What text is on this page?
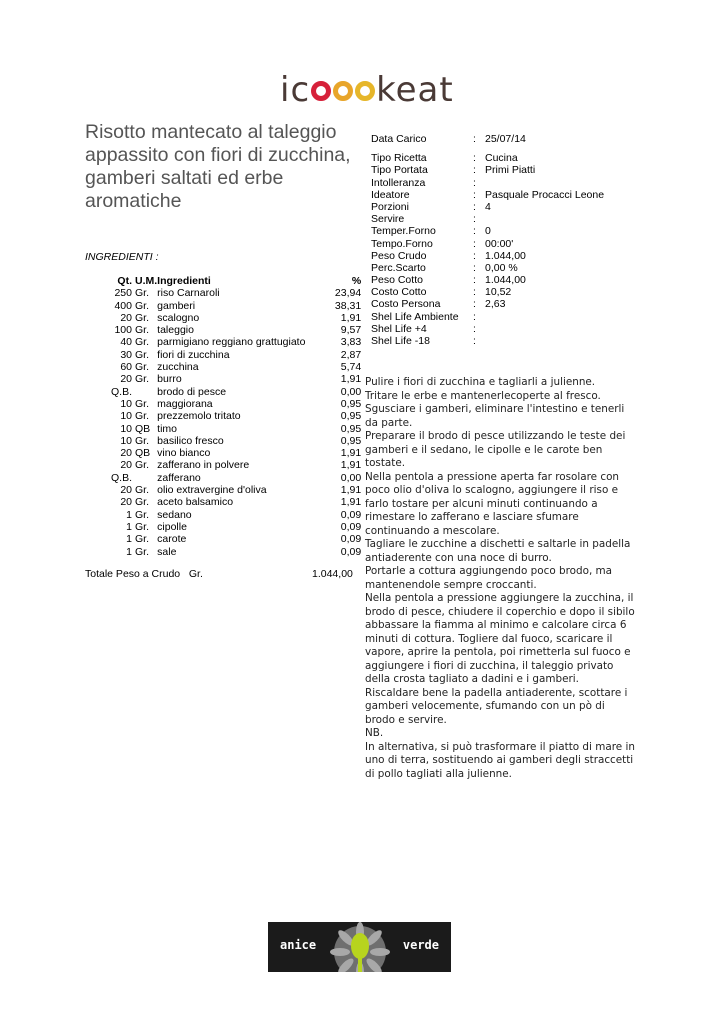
ic keat
Risotto mantecato al taleggio appassito con fiori di zucchina, gamberi saltati ed erbe aromatiche
INGREDIENTI :
Qt.	U.M.	Ingredienti	%
250	Gr.	riso Carnaroli	23,94
400	Gr.	gamberi	38,31
20	Gr.	scalogno	1,91
100	Gr.	taleggio	9,57
40	Gr.	parmigiano reggiano grattugiato	3,83
30	Gr.	fiori di zucchina	2,87
60	Gr.	zucchina	5,74
20	Gr.	burro	1,91
Q.B.		brodo di pesce	0,00
10	Gr.	maggiorana	0,95
10	Gr.	prezzemolo tritato	0,95
10	QB	timo	0,95
10	Gr.	basilico fresco	0,95
20	QB	vino bianco	1,91
20	Gr.	zafferano in polvere	1,91
Q.B.		zafferano	0,00
20	Gr.	olio extravergine d'oliva	1,91
20	Gr.	aceto balsamico	1,91
1	Gr.	sedano	0,09
1	Gr.	cipolle	0,09
1	Gr.	carote	0,09
1	Gr.	sale	0,09
Totale Peso a Crudo   Gr.	1.044,00
Data Carico	: 25/07/14
Tipo Ricetta	: Cucina
Tipo Portata	: Primi Piatti
Intolleranza	:
Ideatore	: Pasquale Procacci Leone
Porzioni	: 4
Servire	:
Temper.Forno	: 0
Tempo.Forno	: 00:00'
Peso Crudo	: 1.044,00
Perc.Scarto	: 0,00 %
Peso Cotto	: 1.044,00
Costo Cotto	: 10,52
Costo Persona	: 2,63
Shel Life Ambiente :
Shel Life +4	:
Shel Life -18	:

Pulire i fiori di zucchina e tagliarli a julienne.

Tritare le erbe e mantenerlecoperte al fresco.

Sgusciare i gamberi, eliminare l'intestino e tenerli da parte.

Preparare il brodo di pesce utilizzando le teste dei gamberi e il sedano, le cipolle e le carote ben tostate.

Nella pentola a pressione aperta far rosolare con poco olio d'oliva lo scalogno, aggiungere il riso e farlo tostare per alcuni minuti continuando a rimestare lo zafferano e lasciare sfumare continuando a mescolare.

Tagliare le zucchine a dischetti e saltarle in padella antiaderente con una noce di burro.

Portarle a cottura aggiungendo poco brodo, ma mantenendole sempre croccanti.

Nella pentola a pressione aggiungere la zucchina, il brodo di pesce, chiudere il coperchio e dopo il sibilo abbassare la fiamma al minimo e calcolare circa 6 minuti di cottura. Togliere dal fuoco, scaricare il vapore, aprire la pentola, poi rimetterla sul fuoco e aggiungere i fiori di zucchina, il taleggio privato della crosta tagliato a dadini e i gamberi.

Riscaldare bene la padella antiaderente, scottare i gamberi velocemente, sfumando con un pò di brodo e servire.

NB.

In alternativa, si può trasformare il piatto di mare in uno di terra, sostituendo ai gamberi degli straccetti di pollo tagliati alla julienne.

anice	verde
